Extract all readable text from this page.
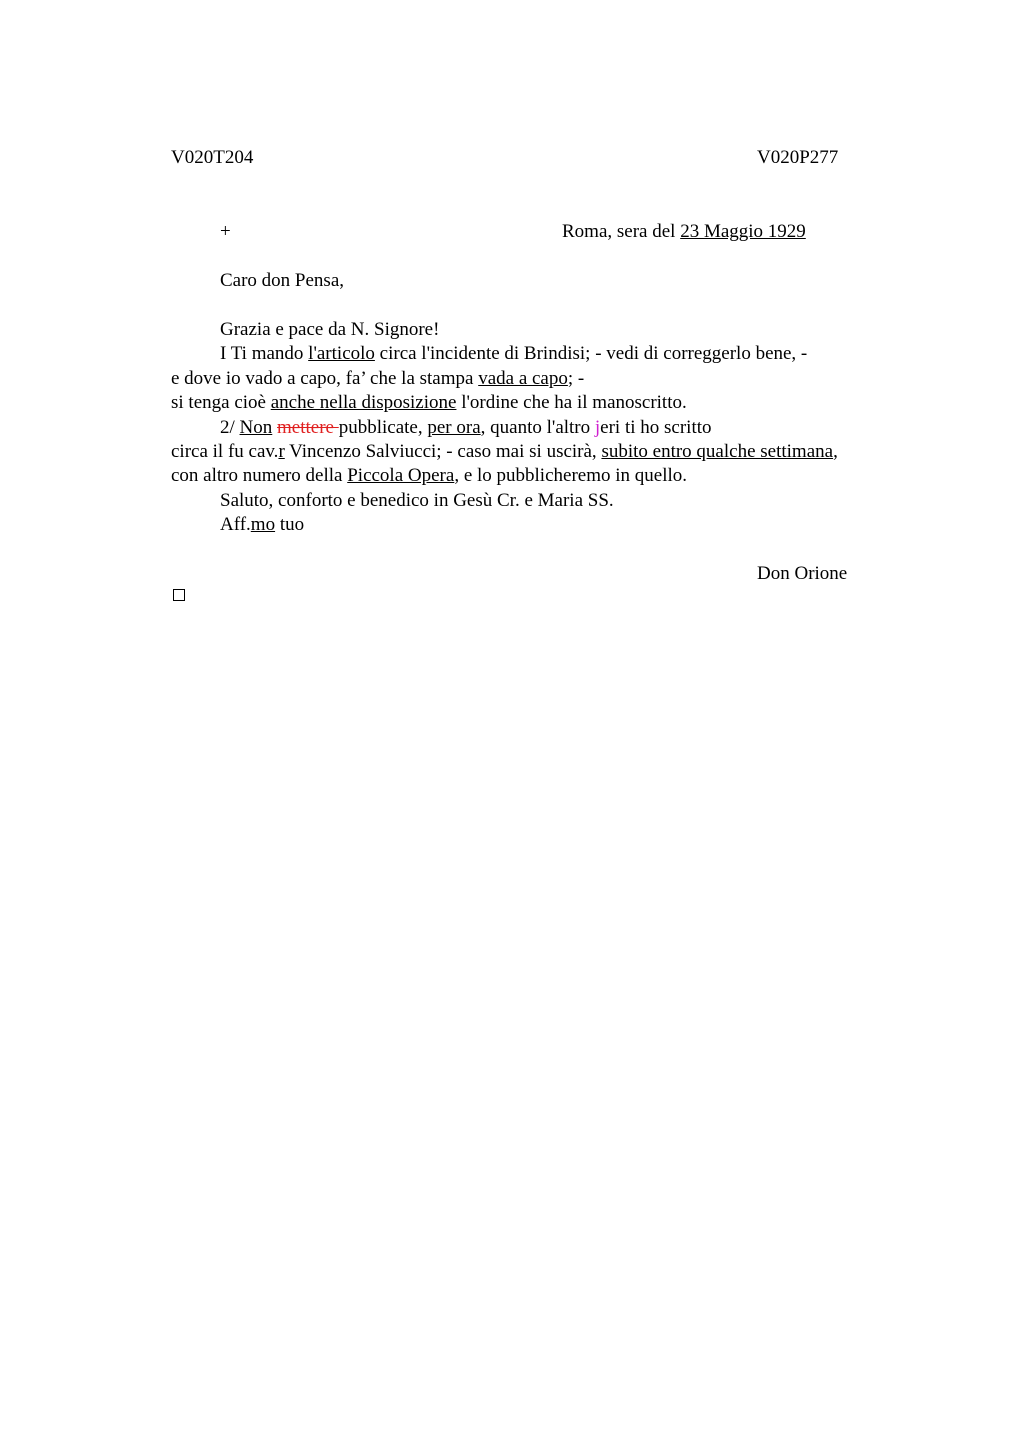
V020T204	V020P277
+	Roma, sera del 23 Maggio 1929
Caro don Pensa,
Grazia e pace da N. Signore!
I Ti mando l'articolo circa l'incidente di Brindisi; - vedi di correggerlo bene, -
e dove io vado a capo, fa’ che la stampa vada a capo; -
si tenga cioè anche nella disposizione l'ordine che ha il manoscritto.
2/ Non mettere pubblicate, per ora, quanto l'altro jeri ti ho scritto
circa il fu cav.r Vincenzo Salviucci; - caso mai si uscirà, subito entro qualche settimana,
con altro numero della Piccola Opera, e lo pubblicheremo in quello.
Saluto, conforto e benedico in Gesù Cr. e Maria SS.
Aff.mo tuo
Don Orione
